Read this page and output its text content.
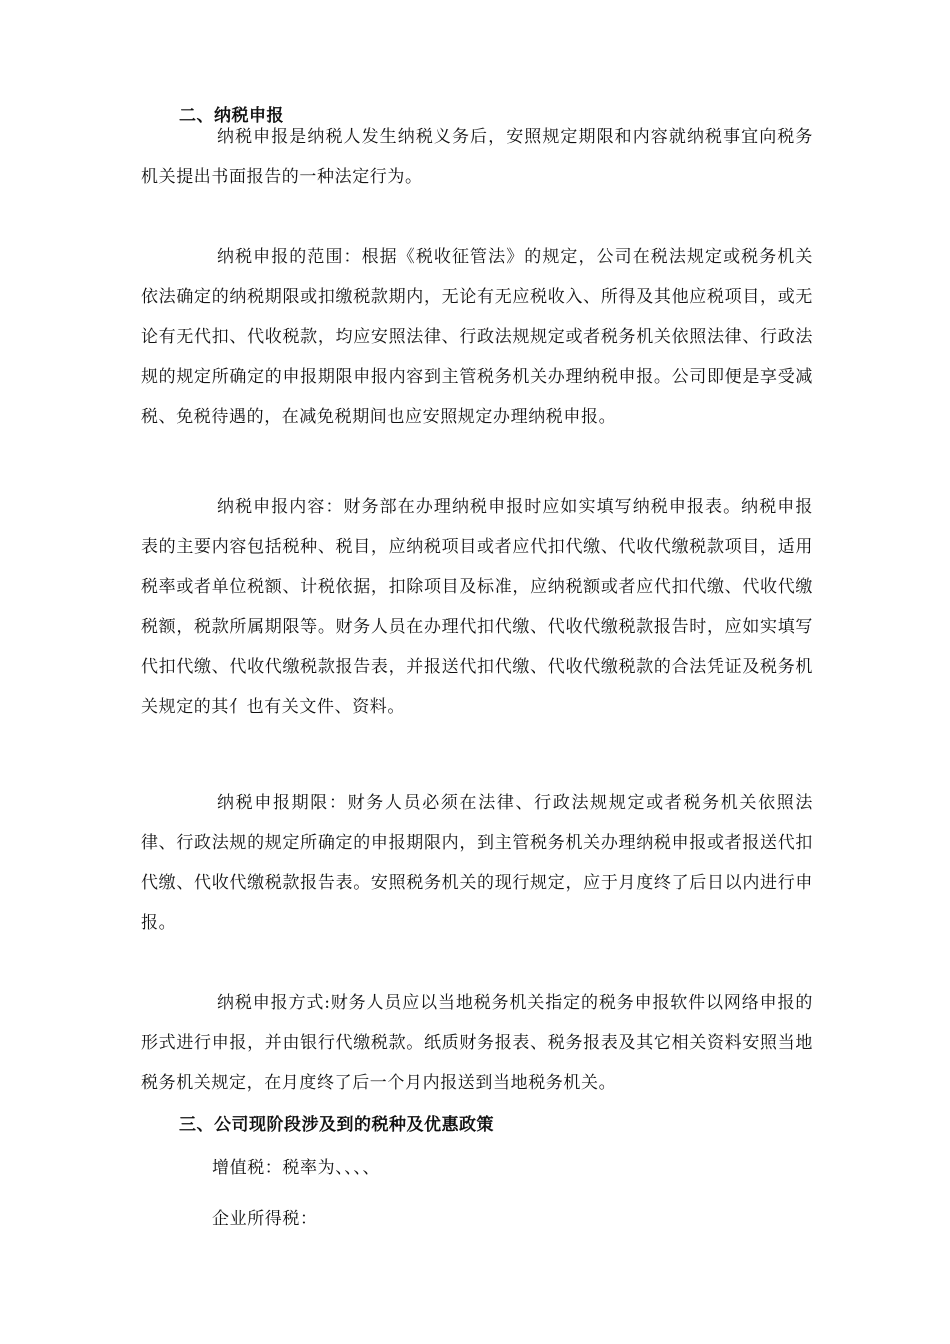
二、纳税申报

纳税申报是纳税人发生纳税义务后，安照规定期限和内容就纳税事宜向税务机关提出书面报告的一种法定行为。

纳税申报的范围：根据《税收征管法》的规定，公司在税法规定或税务机关依法确定的纳税期限或扣缴税款期内，无论有无应税收入、所得及其他应税项目，或无论有无代扣、代收税款，均应安照法律、行政法规规定或者税务机关依照法律、行政法规的规定所确定的申报期限申报内容到主管税务机关办理纳税申报。公司即便是享受减税、免税待遇的，在减免税期间也应安照规定办理纳税申报。

纳税申报内容：财务部在办理纳税申报时应如实填写纳税申报表。纳税申报表的主要内容包括税种、税目，应纳税项目或者应代扣代缴、代收代缴税款项目，适用税率或者单位税额、计税依据，扣除项目及标准，应纳税额或者应代扣代缴、代收代缴税额，税款所属期限等。财务人员在办理代扣代缴、代收代缴税款报告时，应如实填写代扣代缴、代收代缴税款报告表，并报送代扣代缴、代收代缴税款的合法凭证及税务机关规定的其亻也有关文件、资料。

纳税申报期限：财务人员必须在法律、行政法规规定或者税务机关依照法律、行政法规的规定所确定的申报期限内，到主管税务机关办理纳税申报或者报送代扣代缴、代收代缴税款报告表。安照税务机关的现行规定，应于月度终了后日以内进行申报。

纳税申报方式:财务人员应以当地税务机关指定的税务申报软件以网络申报的形式进行申报，并由银行代缴税款。纸质财务报表、税务报表及其它相关资料安照当地税务机关规定，在月度终了后一个月内报送到当地税务机关。

三、公司现阶段涉及到的税种及优惠政策
增值税：税率为、、、、
企业所得税：
